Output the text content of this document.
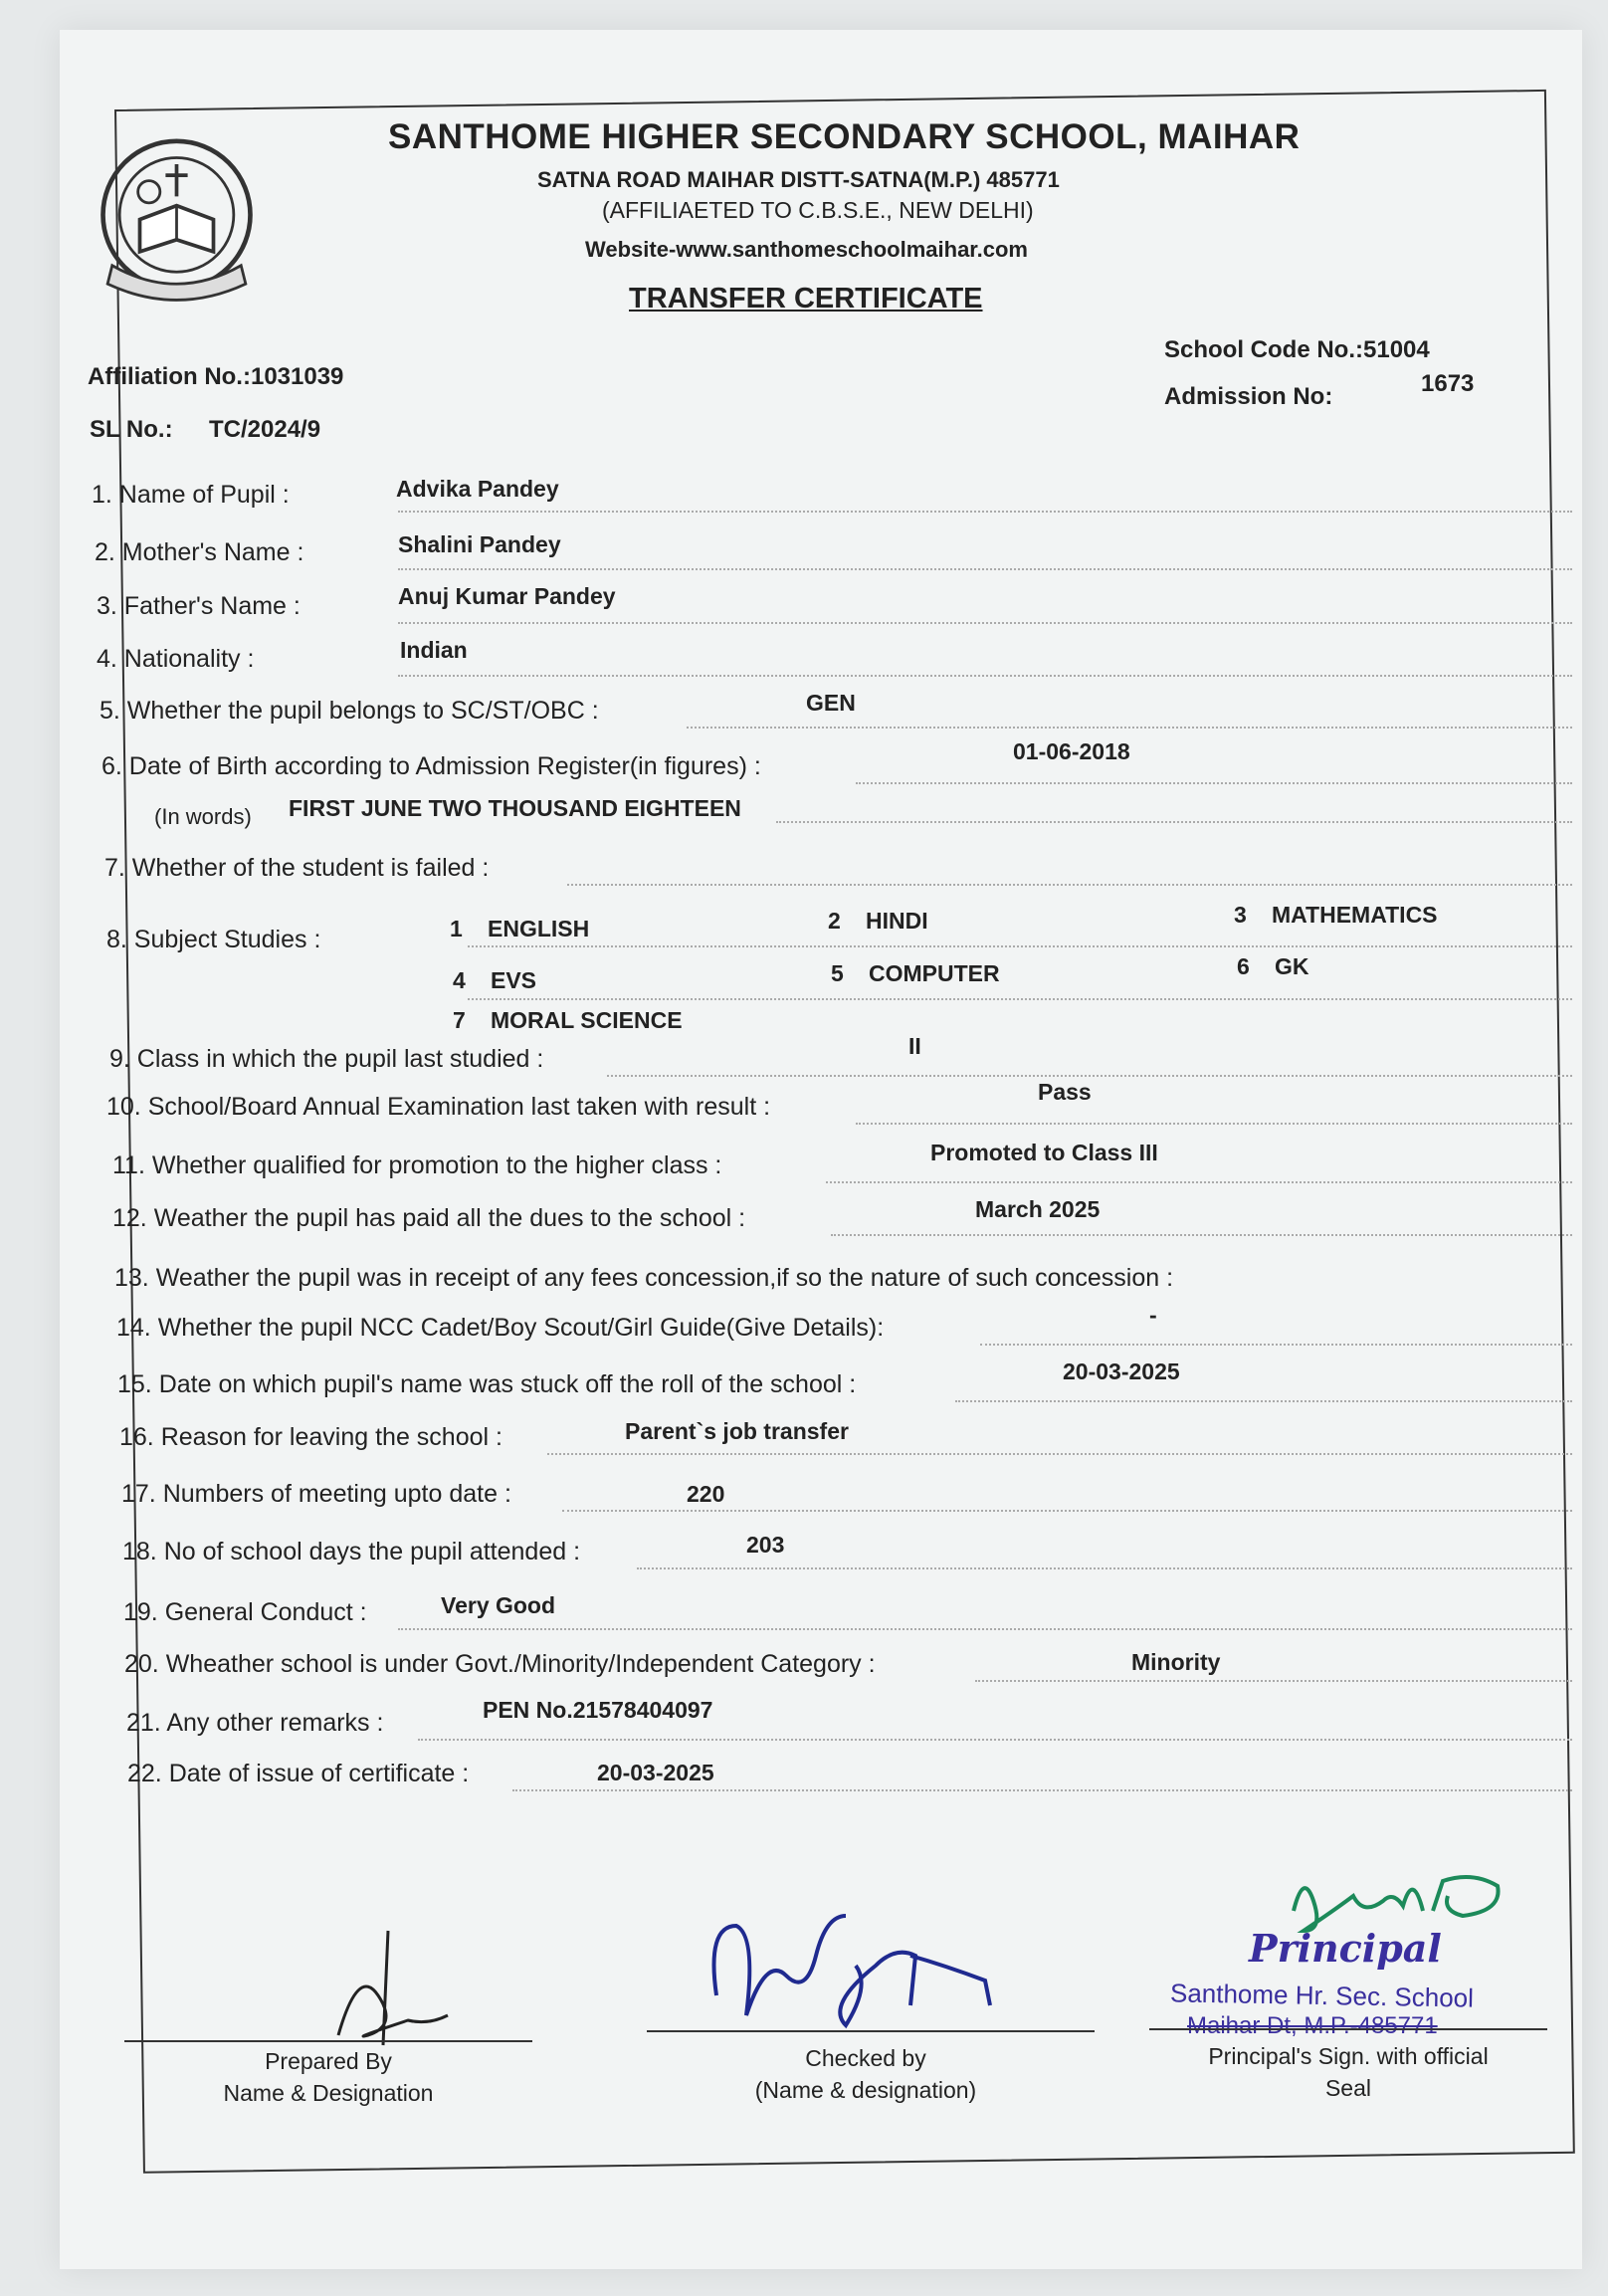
SANTHOME HIGHER SECONDARY SCHOOL, MAIHAR
SATNA ROAD MAIHAR DISTT-SATNA(M.P.) 485771
(AFFILIAETED TO C.B.S.E., NEW DELHI)
Website-www.santhomeschoolmaihar.com
TRANSFER CERTIFICATE
Affiliation No.:1031039
SL No.: TC/2024/9
School Code No.:51004
Admission No:	1673
1. Name of Pupil :	Advika Pandey
2. Mother's Name :	Shalini Pandey
3. Father's Name :	Anuj Kumar Pandey
4. Nationality :	Indian
5. Whether the pupil belongs to SC/ST/OBC :	GEN
6. Date of Birth according to Admission Register(in figures) :
01-06-2018
7. Whether of the student is failed :
9. Class in which the pupil last studied :	II
10. School/Board Annual Examination last taken with result :
Pass
11. Whether qualified for promotion to the higher class :	Promoted to Class III
12. Weather the pupil has paid all the dues to the school :	March 2025
13. Weather the pupil was in receipt of any fees concession,if so the nature of such concession :
14. Whether the pupil NCC Cadet/Boy Scout/Girl Guide(Give Details):	-
15. Date on which pupil's name was stuck off the roll of the school :	20-03-2025
16. Reason for leaving the school :	Parent`s job transfer
17. Numbers of meeting upto date :	220
18. No of school days the pupil attended :	203
19. General Conduct :	Very Good
20. Wheather school is under Govt./Minority/Independent Category :	Minority
21. Any other remarks :	PEN No.21578404097
22. Date of issue of certificate :	20-03-2025
(In words) FIRST JUNE TWO THOUSAND EIGHTEEN
8. Subject Studies :	1 ENGLISH	2 HINDI	3 MATHEMATICS
4 EVS	5 COMPUTER	6 GK
7 MORAL SCIENCE
Prepared By
Name & Designation
Checked by
(Name & designation)
Principal
Santhome Hr. Sec. School
Maihar Dt, M.P.-485771
Principal's Sign. with official
Seal
